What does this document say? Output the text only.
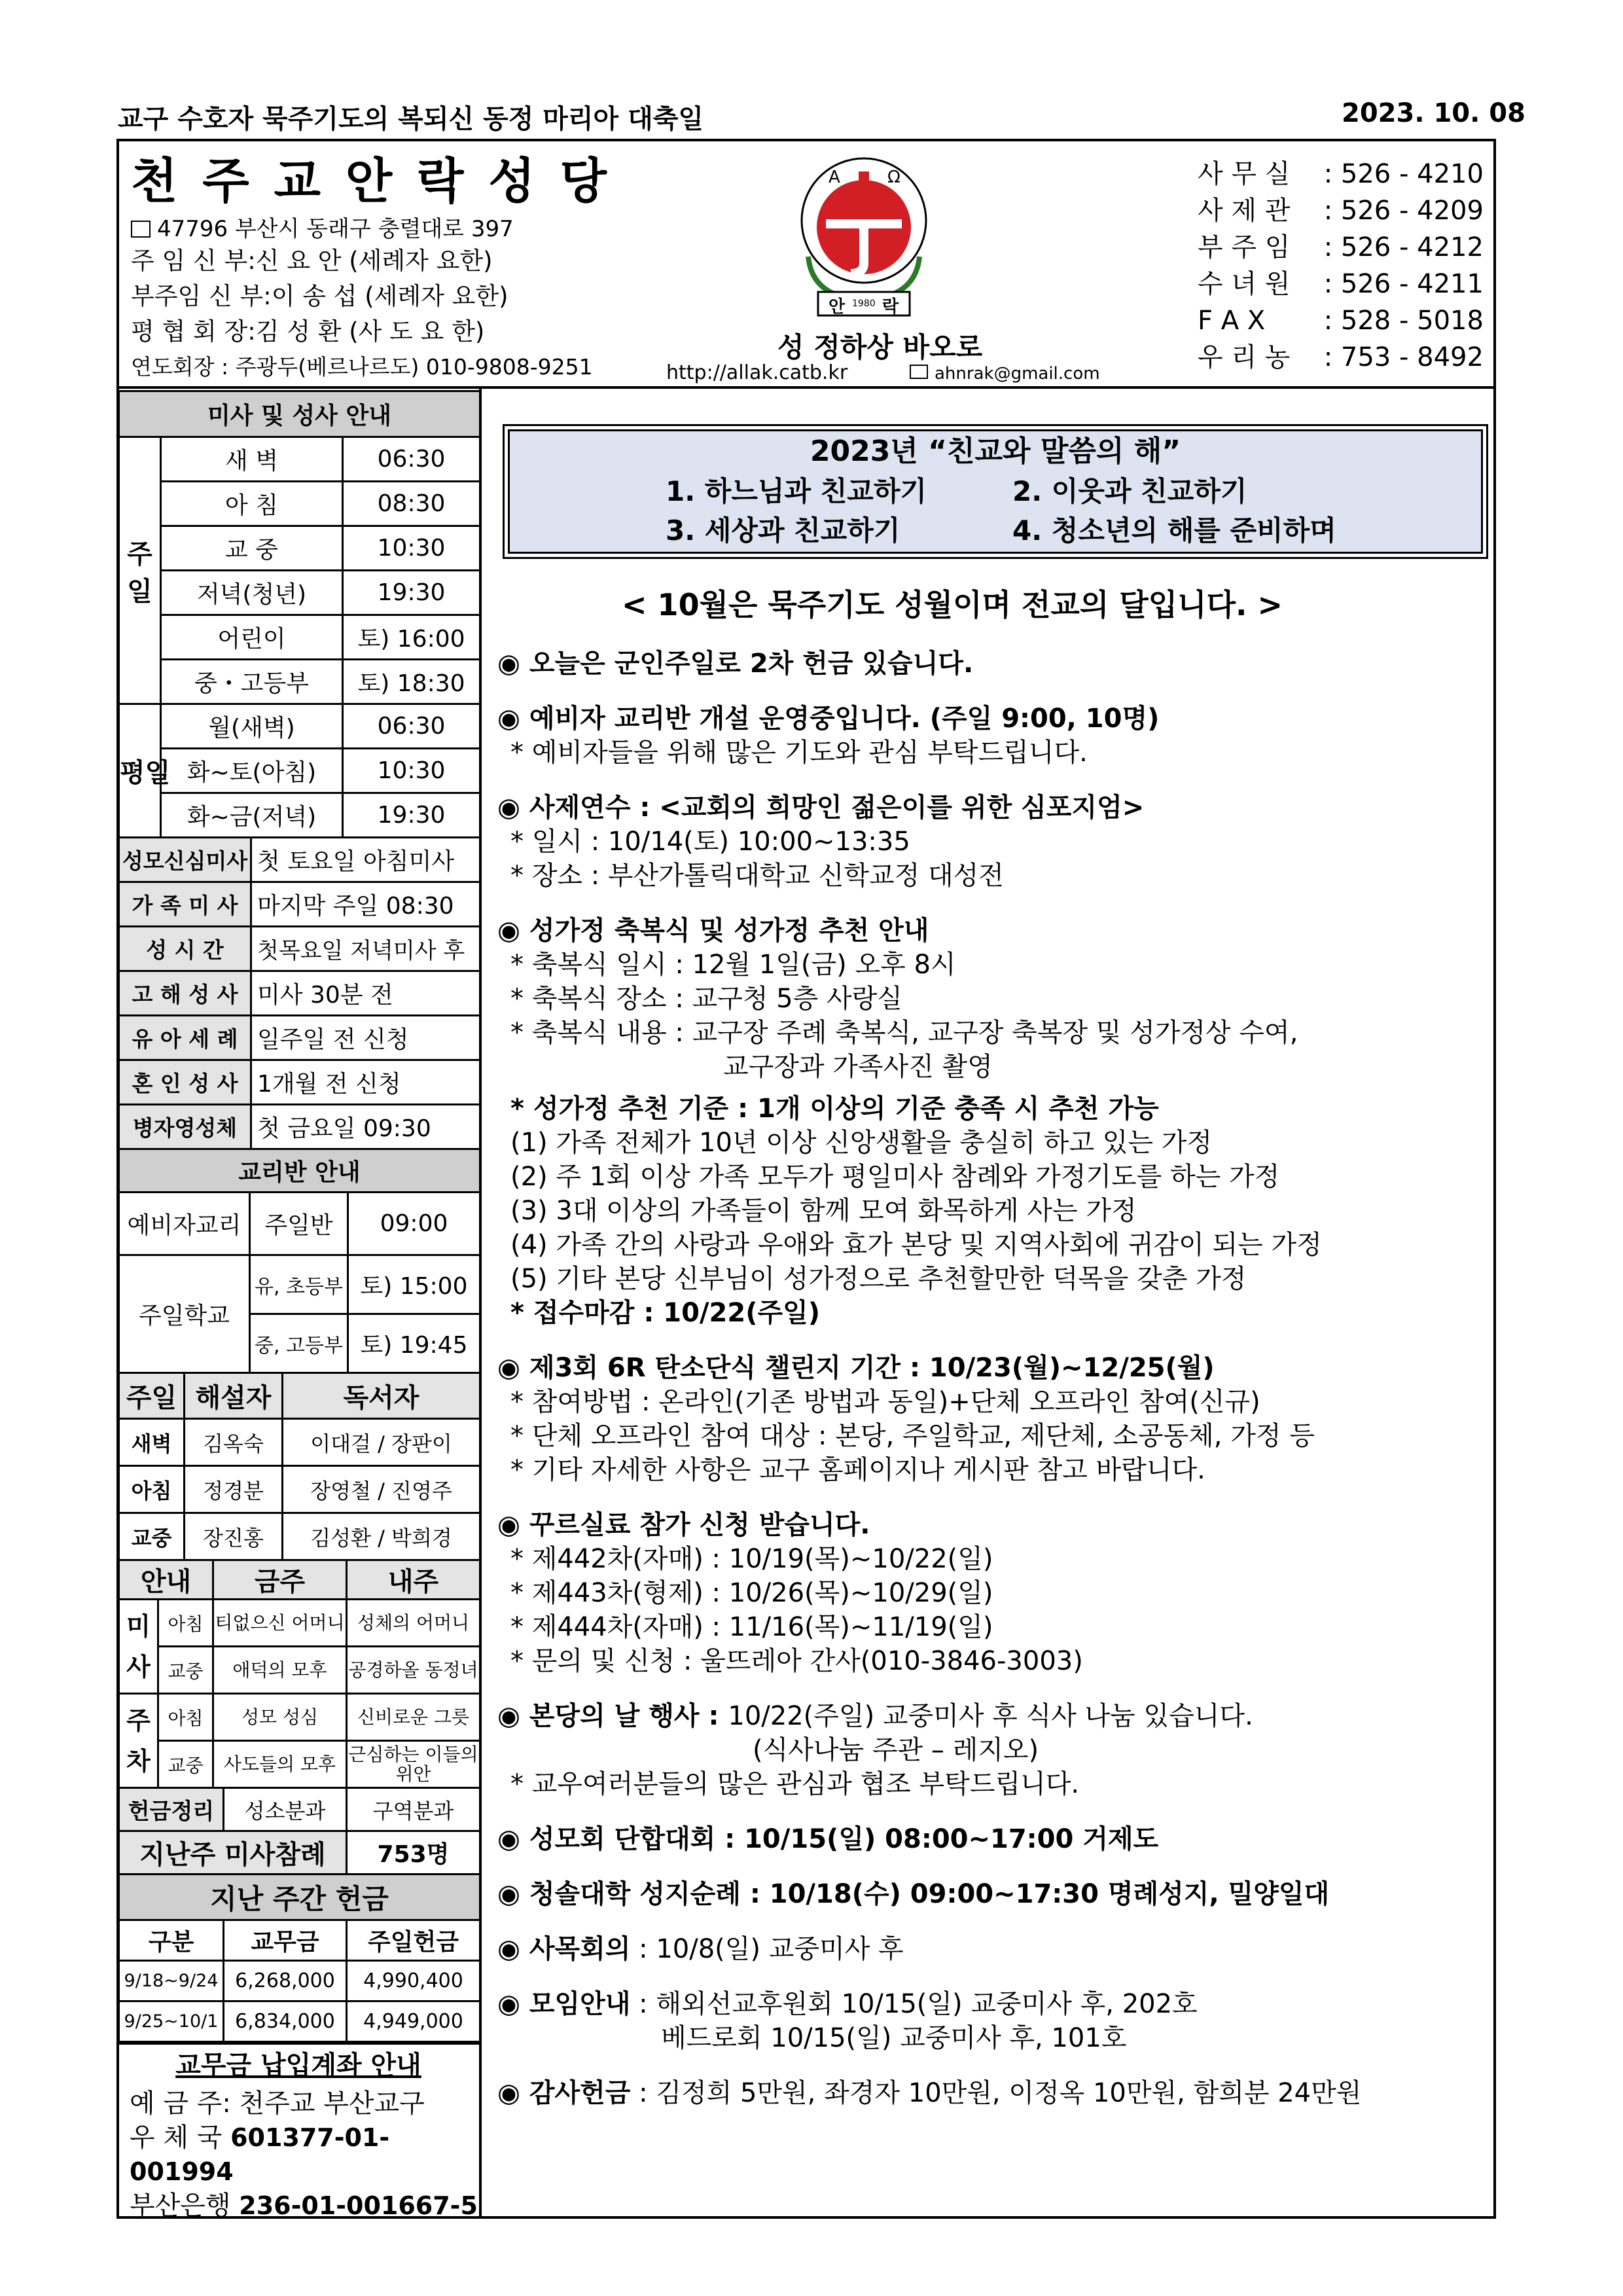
교구 수호자 묵주기도의 복되신 동정 마리아 대축일	2023. 10. 08
천 주 교 안 락 성 당
47796 부산시 동래구 충렬대로 397
주 임 신 부:신 요 안 (세례자 요한)
부주임 신 부:이 송 섭 (세례자 요한)
평 협 회 장:김 성 환 (사 도 요 한)
연도회장 : 주광두(베르나르도) 010-9808-9251
A	Ω
안 1980 락
성 정하상 바오로
http://allak.catb.kr	ahnrak@gmail.com
사 무 실 : 526 - 4210
사 제 관 : 526 - 4209
부 주 임 : 526 - 4212
수 녀 원 : 526 - 4211
F A X : 528 - 5018
우 리 농 : 753 - 8492
미사 및 성사 안내		
주일	새 벽	06:30
	아 침	08:30
	교 중	10:30
	저녁(청년)	19:30
	어린이	토) 16:00
	중・고등부	토) 18:30
평일	월(새벽)	06:30
	화~토(아침)	10:30
	화~금(저녁)	19:30
성모신심미사	첫 토요일 아침미사
가 족 미 사	마지막 주일 08:30
성 시 간	첫목요일 저녁미사 후
고 해 성 사	미사 30분 전
유 아 세 례	일주일 전 신청
혼 인 성 사	1개월 전 신청
병자영성체	첫 금요일 09:30
교리반 안내		
예비자교리	주일반	09:00
주일학교	유, 초등부	토) 15:00
	중, 고등부	토) 19:45
주일	해설자	독서자
새벽	김옥숙	이대걸 / 장판이
아침	정경분	장영철 / 진영주
교중	장진홍	김성환 / 박희경
안내		금주	내주
미사	아침	티없으신 어머니	성체의 어머니
	교중	애덕의 모후	공경하올 동정녀
주차	아침	성모 성심	신비로운 그릇
	교중	사도들의 모후	근심하는 이들의 위안
헌금정리	성소분과	구역분과
지난주 미사참례	753명
지난 주간 헌금		
구분	교무금	주일헌금
9/18~9/24	6,268,000	4,990,400
9/25~10/1	6,834,000	4,949,000
교무금 납입계좌 안내
예 금 주: 천주교 부산교구
우 체 국 601377-01-001994
부산은행 236-01-001667-5
2023년 “친교와 말씀의 해”
1. 하느님과 친교하기	2. 이웃과 친교하기
3. 세상과 친교하기	4. 청소년의 해를 준비하며
< 10월은 묵주기도 성월이며 전교의 달입니다. >

◉ 오늘은 군인주일로 2차 헌금 있습니다.

◉ 예비자 교리반 개설 운영중입니다. (주일 9:00, 10명)

* 예비자들을 위해 많은 기도와 관심 부탁드립니다.

◉ 사제연수 : <교회의 희망인 젊은이를 위한 심포지엄>

* 일시 : 10/14(토) 10:00~13:35

* 장소 : 부산가톨릭대학교 신학교정 대성전

◉ 성가정 축복식 및 성가정 추천 안내

* 축복식 일시 : 12월 1일(금) 오후 8시

* 축복식 장소 : 교구청 5층 사랑실

* 축복식 내용 : 교구장 주례 축복식, 교구장 축복장 및 성가정상 수여,

교구장과 가족사진 촬영

* 성가정 추천 기준 : 1개 이상의 기준 충족 시 추천 가능

(1) 가족 전체가 10년 이상 신앙생활을 충실히 하고 있는 가정

(2) 주 1회 이상 가족 모두가 평일미사 참례와 가정기도를 하는 가정

(3) 3대 이상의 가족들이 함께 모여 화목하게 사는 가정

(4) 가족 간의 사랑과 우애와 효가 본당 및 지역사회에 귀감이 되는 가정

(5) 기타 본당 신부님이 성가정으로 추천할만한 덕목을 갖춘 가정

* 접수마감 : 10/22(주일)

◉ 제3회 6R 탄소단식 챌린지 기간 : 10/23(월)~12/25(월)

* 참여방법 : 온라인(기존 방법과 동일)+단체 오프라인 참여(신규)

* 단체 오프라인 참여 대상 : 본당, 주일학교, 제단체, 소공동체, 가정 등

* 기타 자세한 사항은 교구 홈페이지나 게시판 참고 바랍니다.

◉ 꾸르실료 참가 신청 받습니다.

* 제442차(자매) : 10/19(목)~10/22(일)

* 제443차(형제) : 10/26(목)~10/29(일)

* 제444차(자매) : 11/16(목)~11/19(일)

* 문의 및 신청 : 울뜨레아 간사(010-3846-3003)

◉ 본당의 날 행사 : 10/22(주일) 교중미사 후 식사 나눔 있습니다.

(식사나눔 주관 – 레지오)

* 교우여러분들의 많은 관심과 협조 부탁드립니다.

◉ 성모회 단합대회 : 10/15(일) 08:00~17:00 거제도

◉ 청솔대학 성지순례 : 10/18(수) 09:00~17:30 명례성지, 밀양일대

◉ 사목회의 : 10/8(일) 교중미사 후

◉ 모임안내 : 해외선교후원회 10/15(일) 교중미사 후, 202호

베드로회 10/15(일) 교중미사 후, 101호

◉ 감사헌금 : 김정희 5만원, 좌경자 10만원, 이정옥 10만원, 함희분 24만원
